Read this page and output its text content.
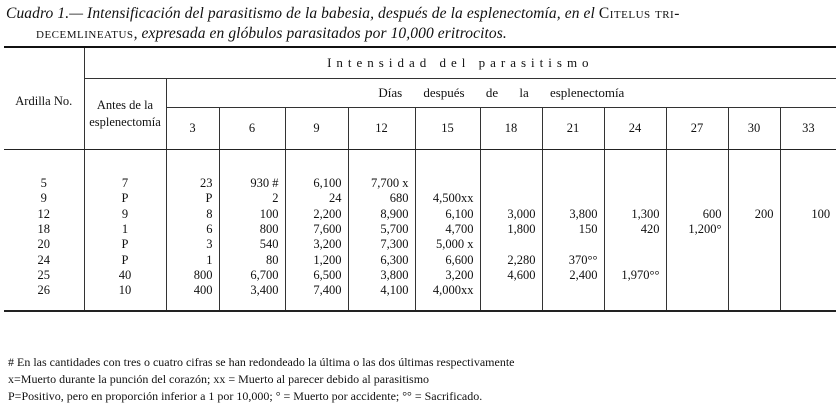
Cuadro 1.— Intensificación del parasitismo de la babesia, después de la esplenectomía, en el Citelus tri-
decemlineatus, expresada en glóbulos parasitados por 10,000 eritrocitos.
Ardilla No.	Intensidad del parasitismo											
	Antes de la esplenectomía	Días después de la esplenectomía										
		3	6	9	12	15	18	21	24	27	30	33
5	7	23	930 #	6,100	7,700 x							
9	P	P	2	24	680	4,500xx						
12	9	8	100	2,200	8,900	6,100	3,000	3,800	1,300	600	200	100
18	1	6	800	7,600	5,700	4,700	1,800	150	420	1,200°		
20	P	3	540	3,200	7,300	5,000 x						
24	P	1	80	1,200	6,300	6,600	2,280	370°°				
25	40	800	6,700	6,500	3,800	3,200	4,600	2,400	1,970°°			
26	10	400	3,400	7,400	4,100	4,000xx						
# En las cantidades con tres o cuatro cifras se han redondeado la última o las dos últimas respectivamente
x=Muerto durante la punción del corazón; xx = Muerto al parecer debido al parasitismo
P=Positivo, pero en proporción inferior a 1 por 10,000; ° = Muerto por accidente; °° = Sacrificado.
